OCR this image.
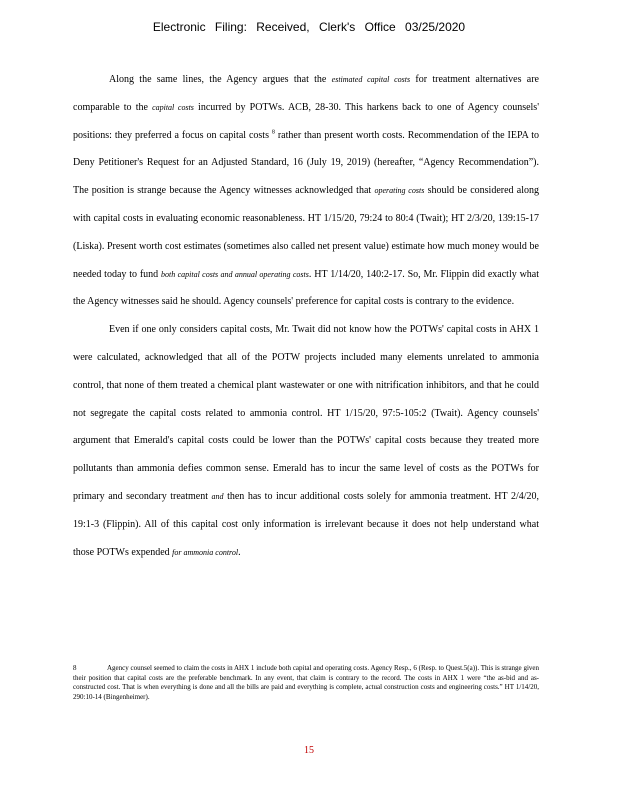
Electronic Filing: Received, Clerk's Office 03/25/2020

Along the same lines, the Agency argues that the estimated capital costs for treatment alternatives are comparable to the capital costs incurred by POTWs. ACB, 28-30. This harkens back to one of Agency counsels' positions: they preferred a focus on capital costs $^8$ rather than present worth costs. Recommendation of the IEPA to Deny Petitioner's Request for an Adjusted Standard, 16 (July 19, 2019) (hereafter, “Agency Recommendation”). The position is strange because the Agency witnesses acknowledged that operating costs should be considered along with capital costs in evaluating economic reasonableness. HT 1/15/20, 79:24 to 80:4 (Twait); HT 2/3/20, 139:15-17 (Liska). Present worth cost estimates (sometimes also called net present value) estimate how much money would be needed today to fund both capital costs and annual operating costs. HT 1/14/20, 140:2-17. So, Mr. Flippin did exactly what the Agency witnesses said he should. Agency counsels' preference for capital costs is contrary to the evidence.

Even if one only considers capital costs, Mr. Twait did not know how the POTWs' capital costs in AHX 1 were calculated, acknowledged that all of the POTW projects included many elements unrelated to ammonia control, that none of them treated a chemical plant wastewater or one with nitrification inhibitors, and that he could not segregate the capital costs related to ammonia control. HT 1/15/20, 97:5-105:2 (Twait). Agency counsels' argument that Emerald's capital costs could be lower than the POTWs' capital costs because they treated more pollutants than ammonia defies common sense. Emerald has to incur the same level of costs as the POTWs for primary and secondary treatment and then has to incur additional costs solely for ammonia treatment. HT 2/4/20, 19:1-3 (Flippin). All of this capital cost only information is irrelevant because it does not help understand what those POTWs expended for ammonia control.

8	Agency counsel seemed to claim the costs in AHX 1 include both capital and operating costs. Agency Resp., 6 (Resp. to Quest.5(a)). This is strange given their position that capital costs are the preferable benchmark. In any event, that claim is contrary to the record. The costs in AHX 1 were “the as-bid and as-constructed cost. That is when everything is done and all the bills are paid and everything is complete, actual construction costs and engineering costs.” HT 1/14/20, 290:10-14 (Bingenheimer).
15
